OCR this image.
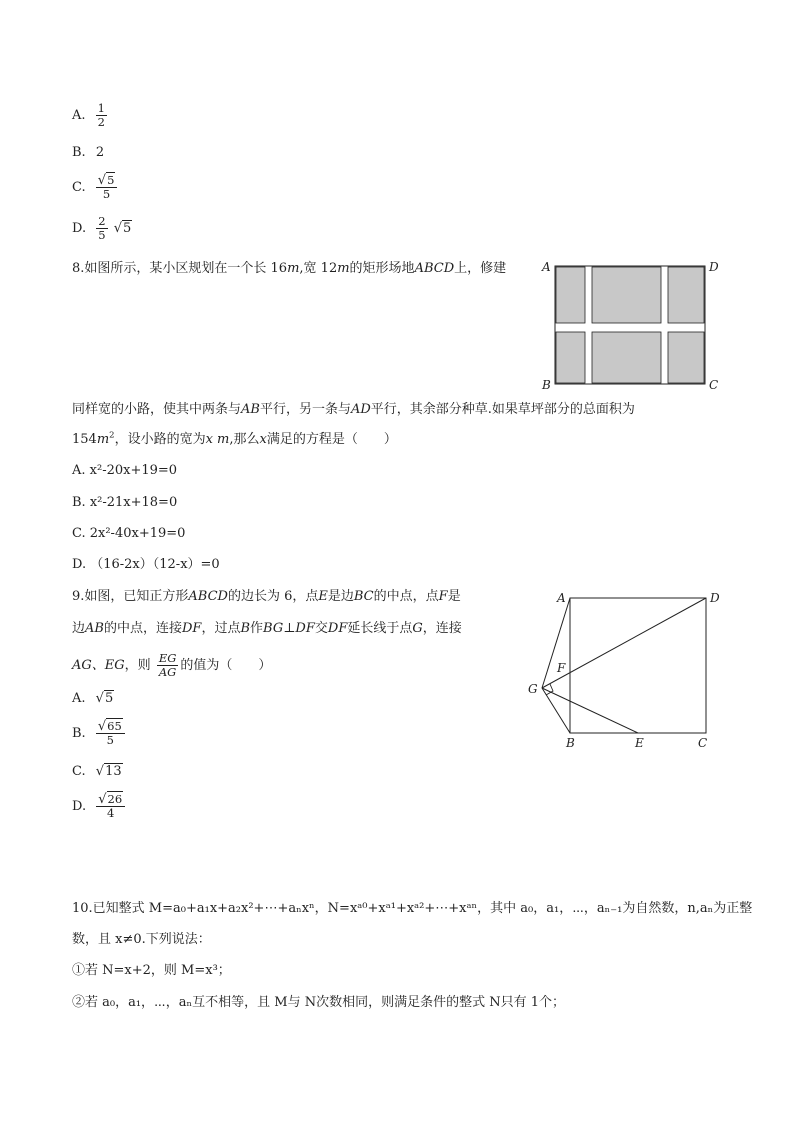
A. $\frac{1}{2}$
B. 2
C. $\frac{√5}{5}$
D. $\frac{2}{5} √5$
8.如图所示，某小区规划在一个长 16m,宽 12m的矩形场地ABCD上，修建	A	D
B	C
同样宽的小路，使其中两条与AB平行，另一条与AD平行，其余部分种草.如果草坪部分的总面积为
$154m^2$，设小路的宽为x m,那么x满足的方程是（　　）
A. x²-20x+19=0
B. x²-21x+18=0
C. 2x²-40x+19=0
D. （16-2x）（12-x）=0
9.如图，已知正方形ABCD的边长为 6，点E是边BC的中点，点F是
边AB的中点，连接DF，过点B作BG⊥DF交DF延长线于点G，连接
AG、EG，则 $\frac{EG}{AG}$ 的值为（　　）
A	D
F
G
B	E	C
A. √5
B. $\frac{√65}{5}$
C. √13
D. $\frac{√26}{4}$
10.已知整式 M=a₀+a₁x+a₂x²+⋯+aₙxⁿ，N=xᵃ⁰+xᵃ¹+xᵃ²+⋯+xᵃⁿ，其中 a₀，a₁，⋯，aₙ₋₁为自然数，n,aₙ为正整
数，且 x≠0.下列说法：
①若 N=x+2，则 M=x³；
②若 a₀，a₁，⋯，aₙ互不相等，且 M与 N次数相同，则满足条件的整式 N只有 1个；
